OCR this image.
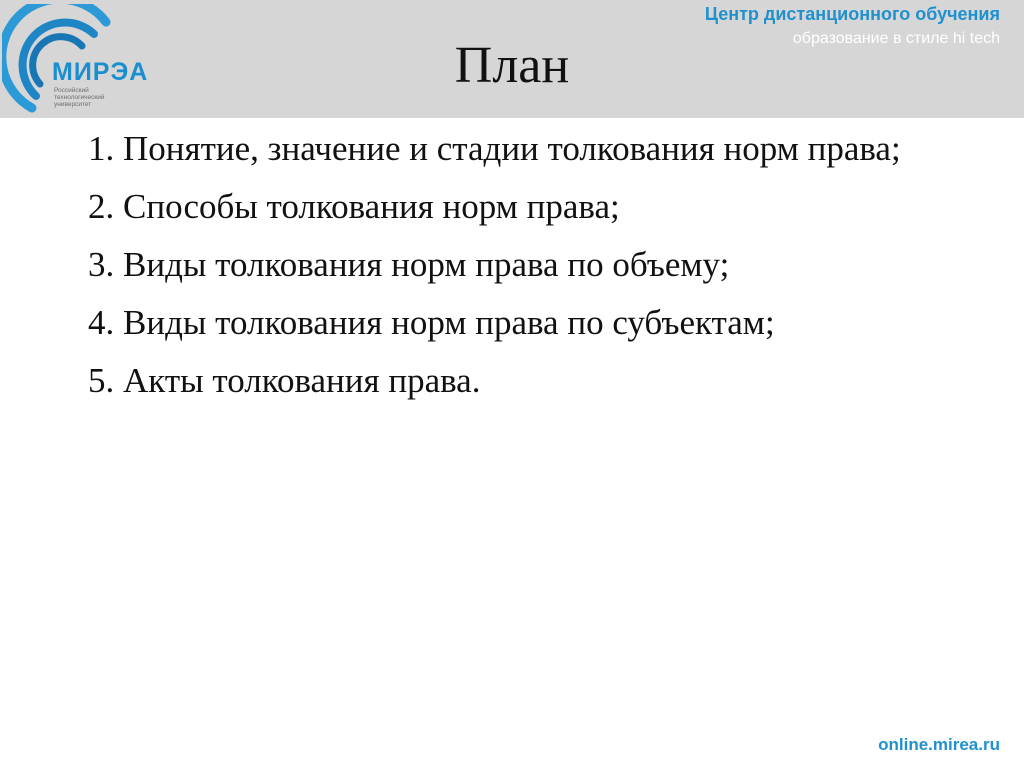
МИРЭА
Российский
технологический
университет
Центр дистанционного обучения
образование в стиле hi tech
План
1. Понятие, значение и стадии толкования норм права;
2. Способы толкования норм права;
3. Виды толкования норм права по объему;
4. Виды толкования норм права по субъектам;
5. Акты толкования права.
online.mirea.ru
